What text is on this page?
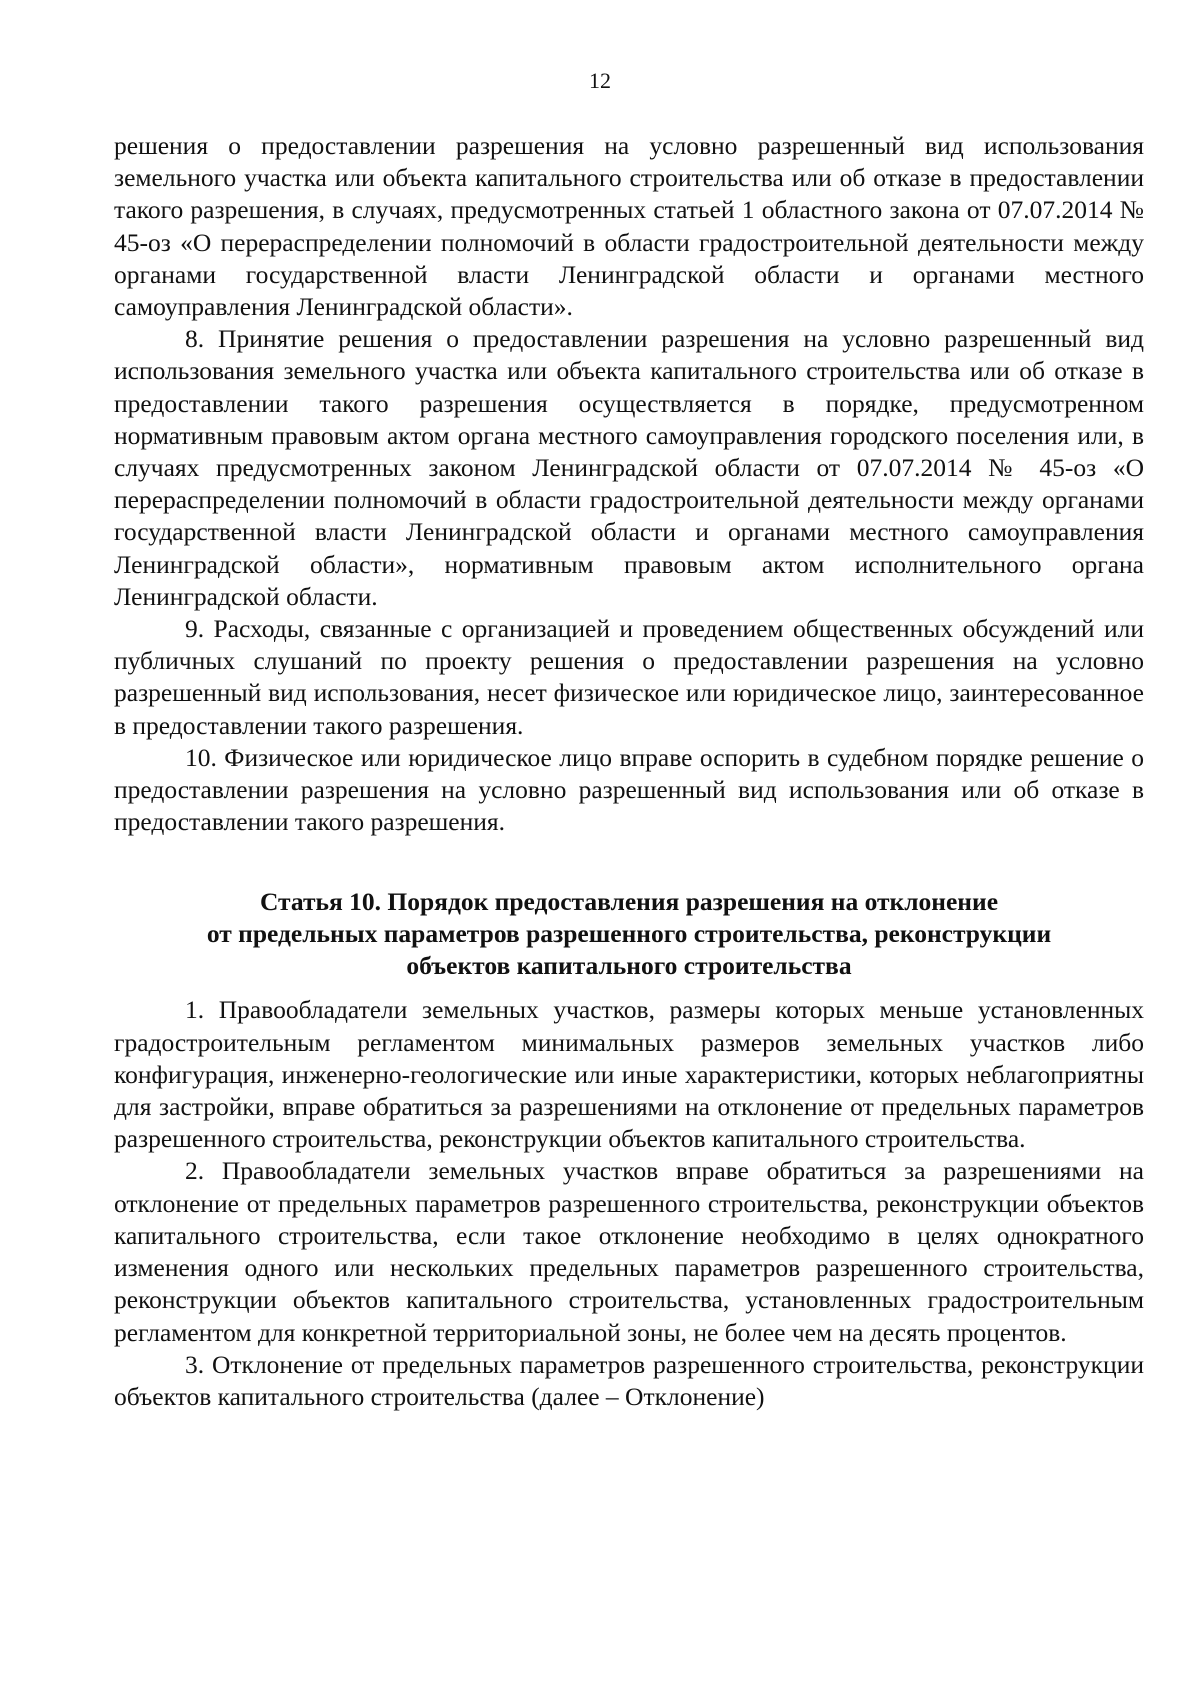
12

решения о предоставлении разрешения на условно разрешенный вид использования земельного участка или объекта капитального строительства или об отказе в предоставлении такого разрешения, в случаях, предусмотренных статьей 1 областного закона от 07.07.2014 № 45-оз «О перераспределении полномочий в области градостроительной деятельности между органами государственной власти Ленинградской области и органами местного самоуправления Ленинградской области».

8. Принятие решения о предоставлении разрешения на условно разрешенный вид использования земельного участка или объекта капитального строительства или об отказе в предоставлении такого разрешения осуществляется в порядке, предусмотренном нормативным правовым актом органа местного самоуправления городского поселения или, в случаях предусмотренных законом Ленинградской области от 07.07.2014 № 45-оз «О перераспределении полномочий в области градостроительной деятельности между органами государственной власти Ленинградской области и органами местного самоуправления Ленинградской области», нормативным правовым актом исполнительного органа Ленинградской области.

9. Расходы, связанные с организацией и проведением общественных обсуждений или публичных слушаний по проекту решения о предоставлении разрешения на условно разрешенный вид использования, несет физическое или юридическое лицо, заинтересованное в предоставлении такого разрешения.

10. Физическое или юридическое лицо вправе оспорить в судебном порядке решение о предоставлении разрешения на условно разрешенный вид использования или об отказе в предоставлении такого разрешения.

Статья 10. Порядок предоставления разрешения на отклонение
от предельных параметров разрешенного строительства, реконструкции
объектов капитального строительства

1. Правообладатели земельных участков, размеры которых меньше установленных градостроительным регламентом минимальных размеров земельных участков либо конфигурация, инженерно-геологические или иные характеристики, которых неблагоприятны для застройки, вправе обратиться за разрешениями на отклонение от предельных параметров разрешенного строительства, реконструкции объектов капитального строительства.

2. Правообладатели земельных участков вправе обратиться за разрешениями на отклонение от предельных параметров разрешенного строительства, реконструкции объектов капитального строительства, если такое отклонение необходимо в целях однократного изменения одного или нескольких предельных параметров разрешенного строительства, реконструкции объектов капитального строительства, установленных градостроительным регламентом для конкретной территориальной зоны, не более чем на десять процентов.

3. Отклонение от предельных параметров разрешенного строительства, реконструкции объектов капитального строительства (далее – Отклонение)
